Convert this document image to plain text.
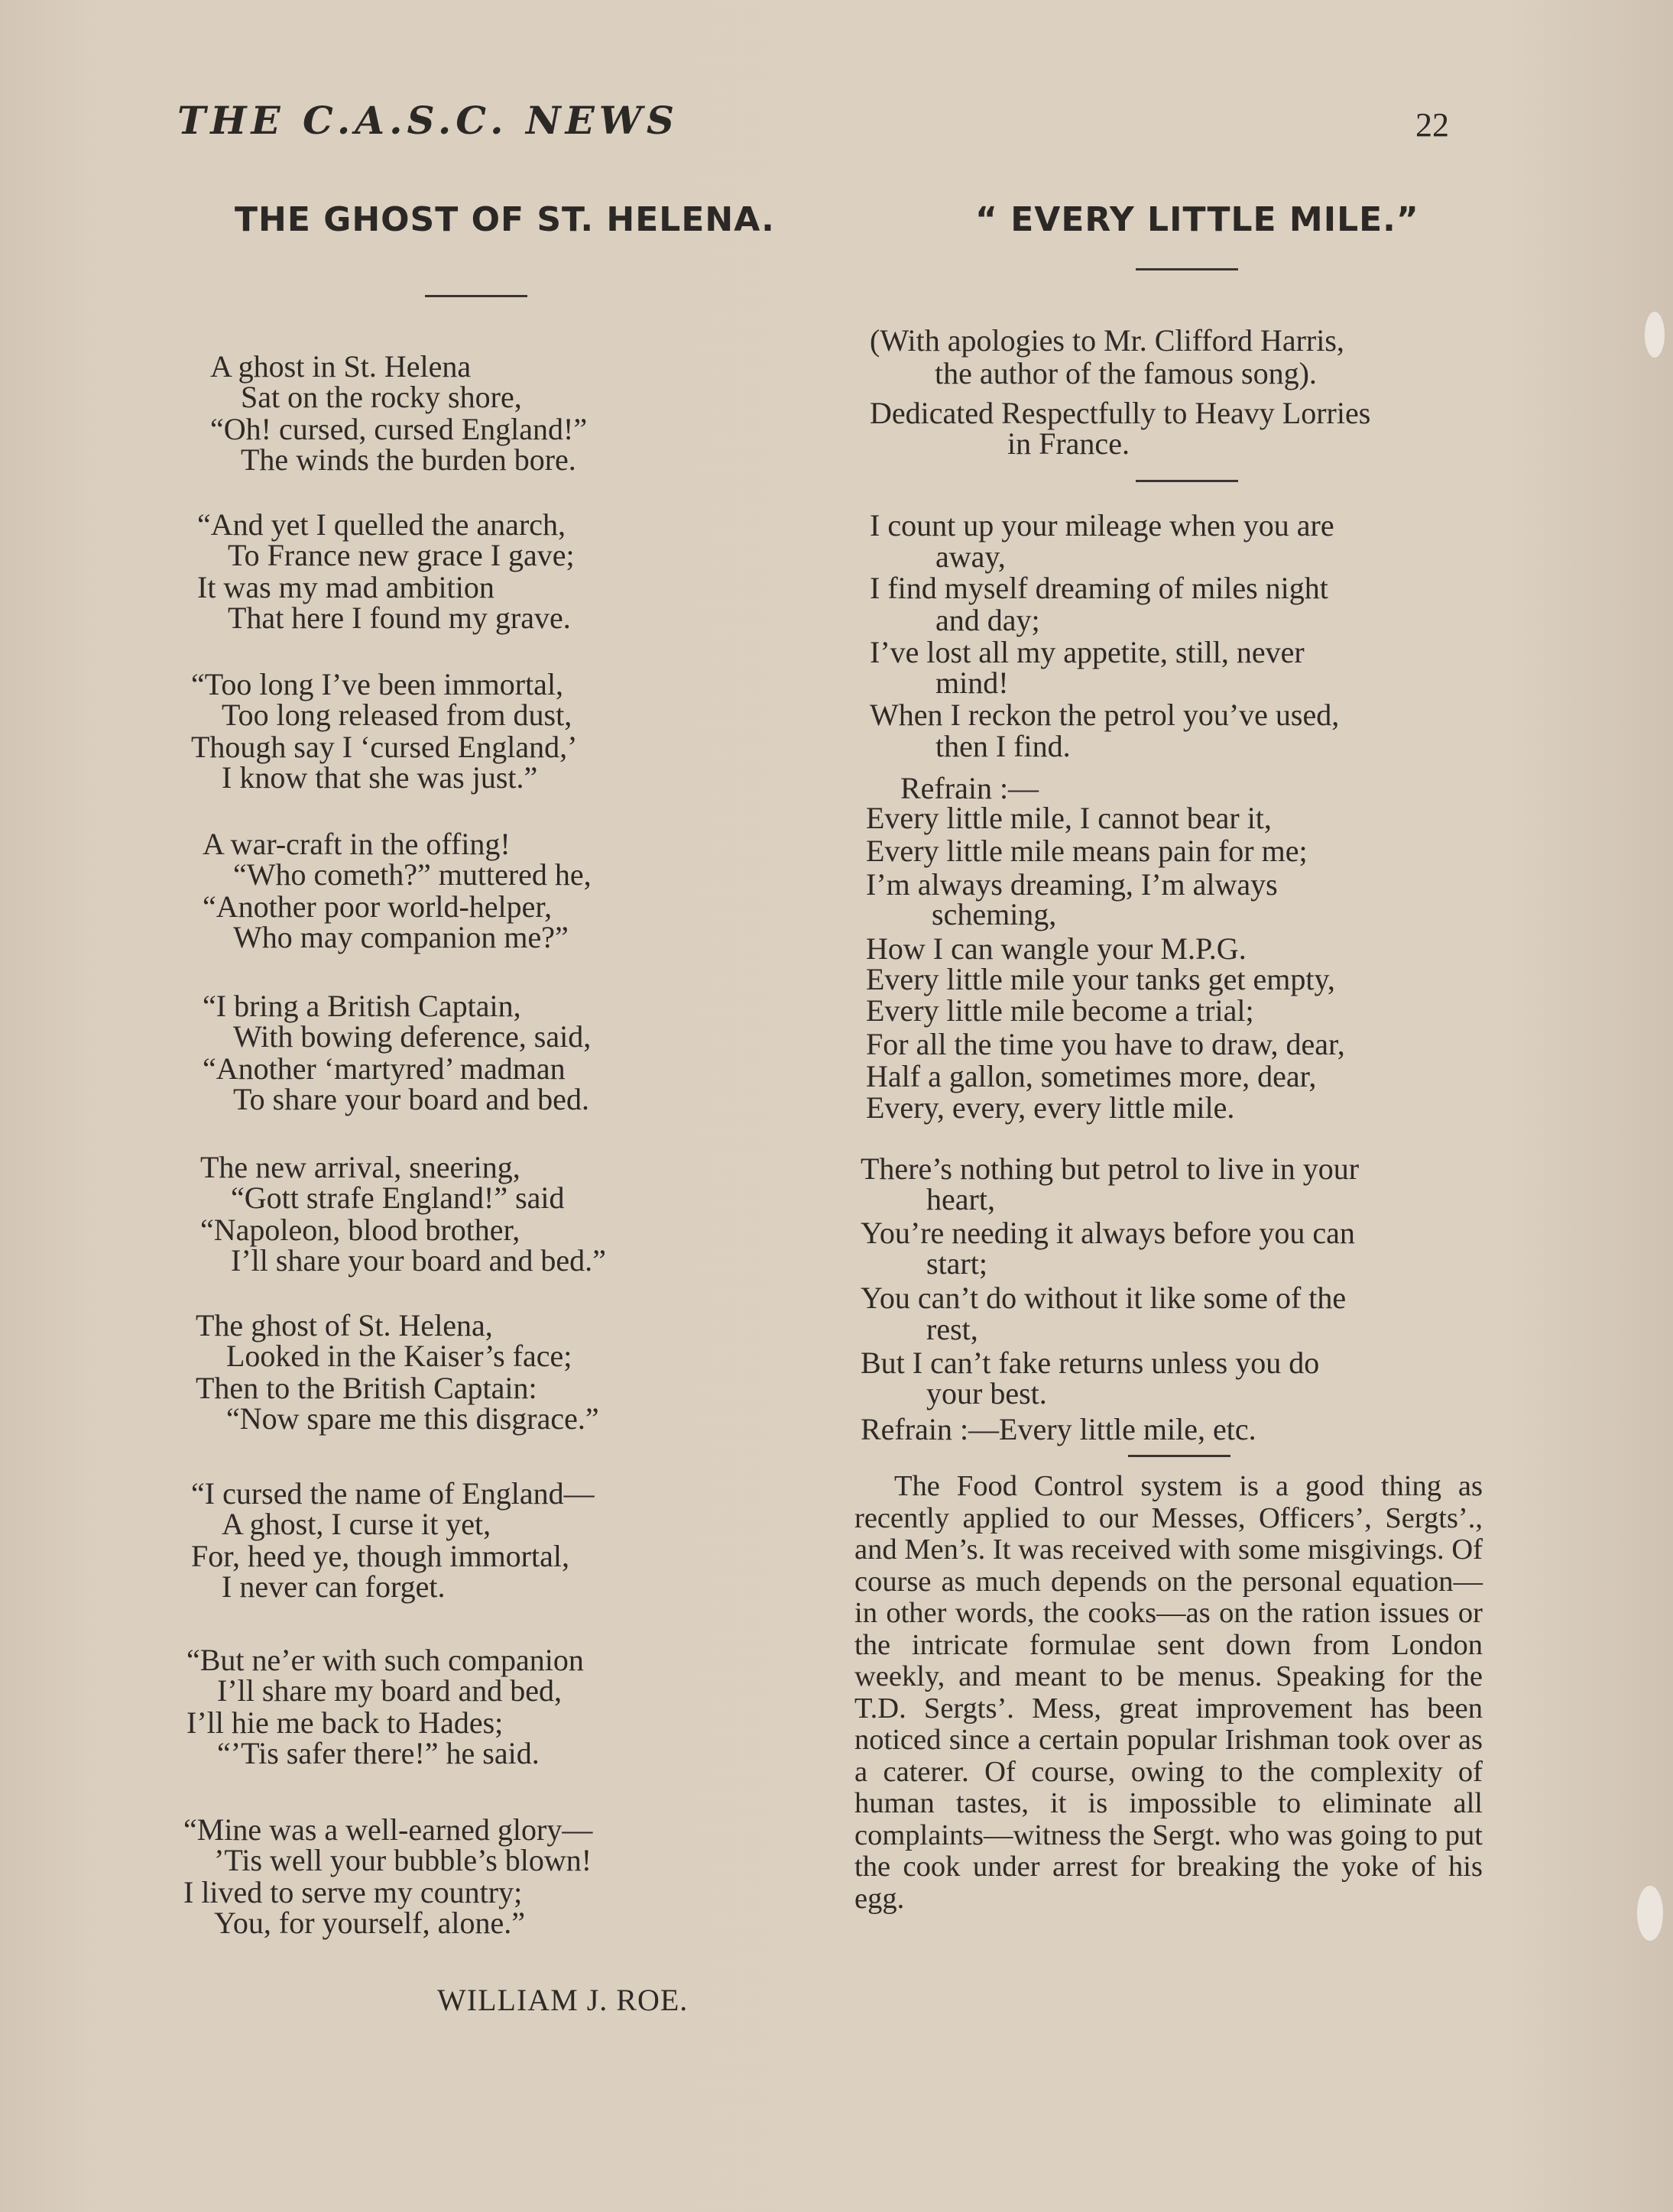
THE C.A.S.C. NEWS	22
THE GHOST OF ST. HELENA.
A ghost in St. Helena
Sat on the rocky shore,
“Oh! cursed, cursed England!”
The winds the burden bore.
“And yet I quelled the anarch,
To France new grace I gave;
It was my mad ambition
That here I found my grave.
“Too long I’ve been immortal,
Too long released from dust,
Though say I ‘cursed England,’
I know that she was just.”
A war-craft in the offing!
“Who cometh?” muttered he,
“Another poor world-helper,
Who may companion me?”
“I bring a British Captain,
With bowing deference, said,
“Another ‘martyred’ madman
To share your board and bed.
The new arrival, sneering,
“Gott strafe England!” said
“Napoleon, blood brother,
I’ll share your board and bed.”
The ghost of St. Helena,
Looked in the Kaiser’s face;
Then to the British Captain:
“Now spare me this disgrace.”
“I cursed the name of England—
A ghost, I curse it yet,
For, heed ye, though immortal,
I never can forget.
“But ne’er with such companion
I’ll share my board and bed,
I’ll hie me back to Hades;
“’Tis safer there!” he said.
“Mine was a well-earned glory—
’Tis well your bubble’s blown!
I lived to serve my country;
You, for yourself, alone.”
WILLIAM J. ROE.
“ EVERY LITTLE MILE.”
(With apologies to Mr. Clifford Harris,
the author of the famous song).
Dedicated Respectfully to Heavy Lorries
in France.
I count up your mileage when you are
away,
I find myself dreaming of miles night
and day;
I’ve lost all my appetite, still, never
mind!
When I reckon the petrol you’ve used,
then I find.
Refrain :—
Every little mile, I cannot bear it,
Every little mile means pain for me;
I’m always dreaming, I’m always
scheming,
How I can wangle your M.P.G.
Every little mile your tanks get empty,
Every little mile become a trial;
For all the time you have to draw, dear,
Half a gallon, sometimes more, dear,
Every, every, every little mile.
There’s nothing but petrol to live in your
heart,
You’re needing it always before you can
start;
You can’t do without it like some of the
rest,
But I can’t fake returns unless you do
your best.
Refrain :—Every little mile, etc.
The Food Control system is a good thing as recently applied to our Messes, Officers’, Sergts’., and Men’s. It was received with some misgivings. Of course as much depends on the personal equation—in other words, the cooks—as on the ration issues or the intricate formulae sent down from London weekly, and meant to be menus. Speaking for the T.D. Sergts’. Mess, great improvement has been noticed since a certain popular Irishman took over as a caterer. Of course, owing to the complexity of human tastes, it is impossible to eliminate all complaints—witness the Sergt. who was going to put the cook under arrest for breaking the yoke of his egg.
